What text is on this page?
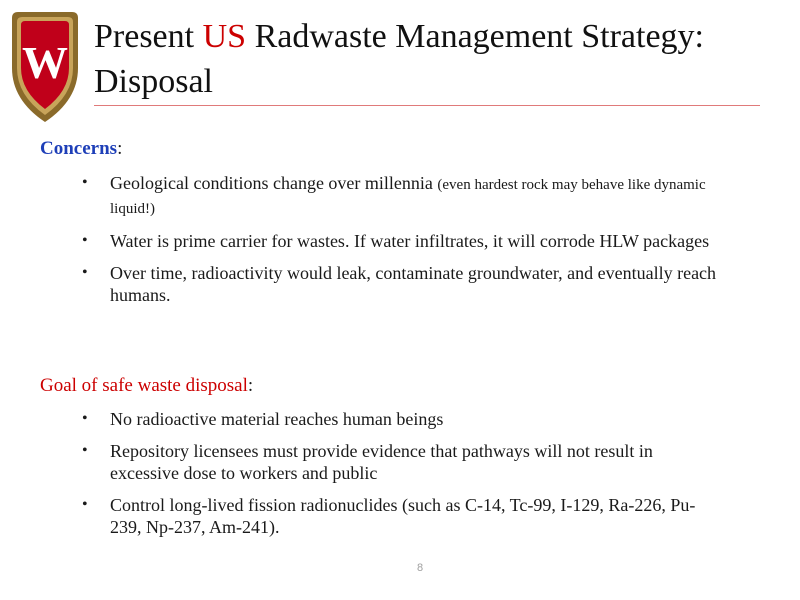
W
Present US Radwaste Management Strategy: Disposal

Concerns:

• Geological conditions change over millennia (even hardest rock may behave like dynamic liquid!)
• Water is prime carrier for wastes. If water infiltrates, it will corrode HLW packages
• Over time, radioactivity would leak, contaminate groundwater, and eventually reach humans.

Goal of safe waste disposal:

• No radioactive material reaches human beings
• Repository licensees must provide evidence that pathways will not result in excessive dose to workers and public
• Control long-lived fission radionuclides (such as C-14, Tc-99, I-129, Ra-226, Pu-239, Np-237, Am-241).
8
